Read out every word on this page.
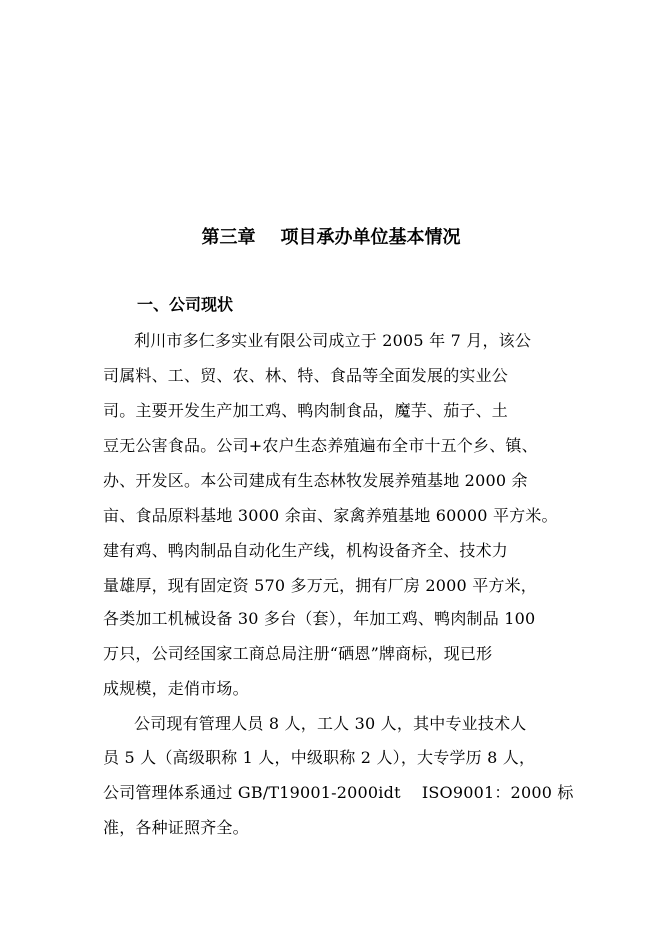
第三章    项目承办单位基本情况
一、公司现状
利川市多仁多实业有限公司成立于 2005 年 7 月，该公
司属料、工、贸、农、林、特、食品等全面发展的实业公
司。主要开发生产加工鸡、鸭肉制食品，魔芋、茄子、土
豆无公害食品。公司+农户生态养殖遍布全市十五个乡、镇、
办、开发区。本公司建成有生态林牧发展养殖基地 2000 余
亩、食品原料基地 3000 余亩、家禽养殖基地 60000 平方米。
建有鸡、鸭肉制品自动化生产线，机构设备齐全、技术力
量雄厚，现有固定资 570 多万元，拥有厂房 2000 平方米，
各类加工机械设备 30 多台（套），年加工鸡、鸭肉制品 100
万只，公司经国家工商总局注册“硒恩”牌商标，现已形
成规模，走俏市场。
公司现有管理人员 8 人，工人 30 人，其中专业技术人
员 5 人（高级职称 1 人，中级职称 2 人），大专学历 8 人，
公司管理体系通过 GB/T19001-2000idt    ISO9001：2000 标
准，各种证照齐全。
